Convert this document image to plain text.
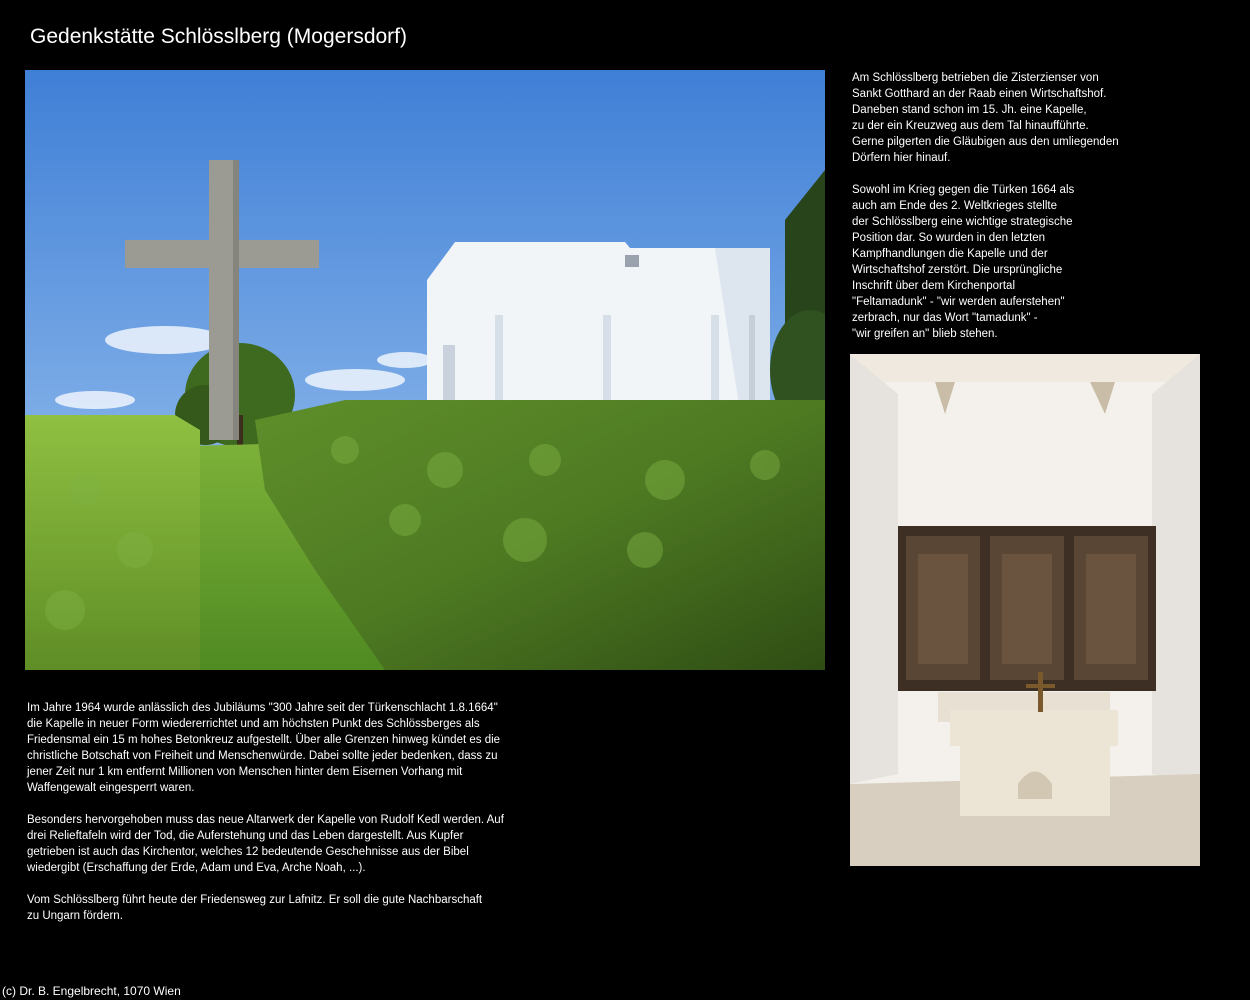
Gedenkstätte Schlösslberg (Mogersdorf)

Am Schlösslberg betrieben die Zisterzienser von
Sankt Gotthard an der Raab einen Wirtschaftshof.
Daneben stand schon im 15. Jh. eine Kapelle,
zu der ein Kreuzweg aus dem Tal hinaufführte.
Gerne pilgerten die Gläubigen aus den umliegenden
Dörfern hier hinauf.

Sowohl im Krieg gegen die Türken 1664 als
auch am Ende des 2. Weltkrieges stellte
der Schlösslberg eine wichtige strategische
Position dar. So wurden in den letzten
Kampfhandlungen die Kapelle und der
Wirtschaftshof zerstört. Die ursprüngliche
Inschrift über dem Kirchenportal
"Feltamadunk" - "wir werden auferstehen"
zerbrach, nur das Wort "tamadunk" -
"wir greifen an" blieb stehen.

Im Jahre 1964 wurde anlässlich des Jubiläums "300 Jahre seit der Türkenschlacht 1.8.1664"
die Kapelle in neuer Form wiedererrichtet und am höchsten Punkt des Schlössberges als
Friedensmal ein 15 m hohes Betonkreuz aufgestellt. Über alle Grenzen hinweg kündet es die
christliche Botschaft von Freiheit und Menschenwürde. Dabei sollte jeder bedenken, dass zu
jener Zeit nur 1 km entfernt Millionen von Menschen hinter dem Eisernen Vorhang mit
Waffengewalt eingesperrt waren.

Besonders hervorgehoben muss das neue Altarwerk der Kapelle von Rudolf Kedl werden. Auf
drei Relieftafeln wird der Tod, die Auferstehung und das Leben dargestellt. Aus Kupfer
getrieben ist auch das Kirchentor, welches 12 bedeutende Geschehnisse aus der Bibel
wiedergibt (Erschaffung der Erde, Adam und Eva, Arche Noah, ...).

Vom Schlösslberg führt heute der Friedensweg zur Lafnitz. Er soll die gute Nachbarschaft
zu Ungarn fördern.

(c) Dr. B. Engelbrecht, 1070 Wien
